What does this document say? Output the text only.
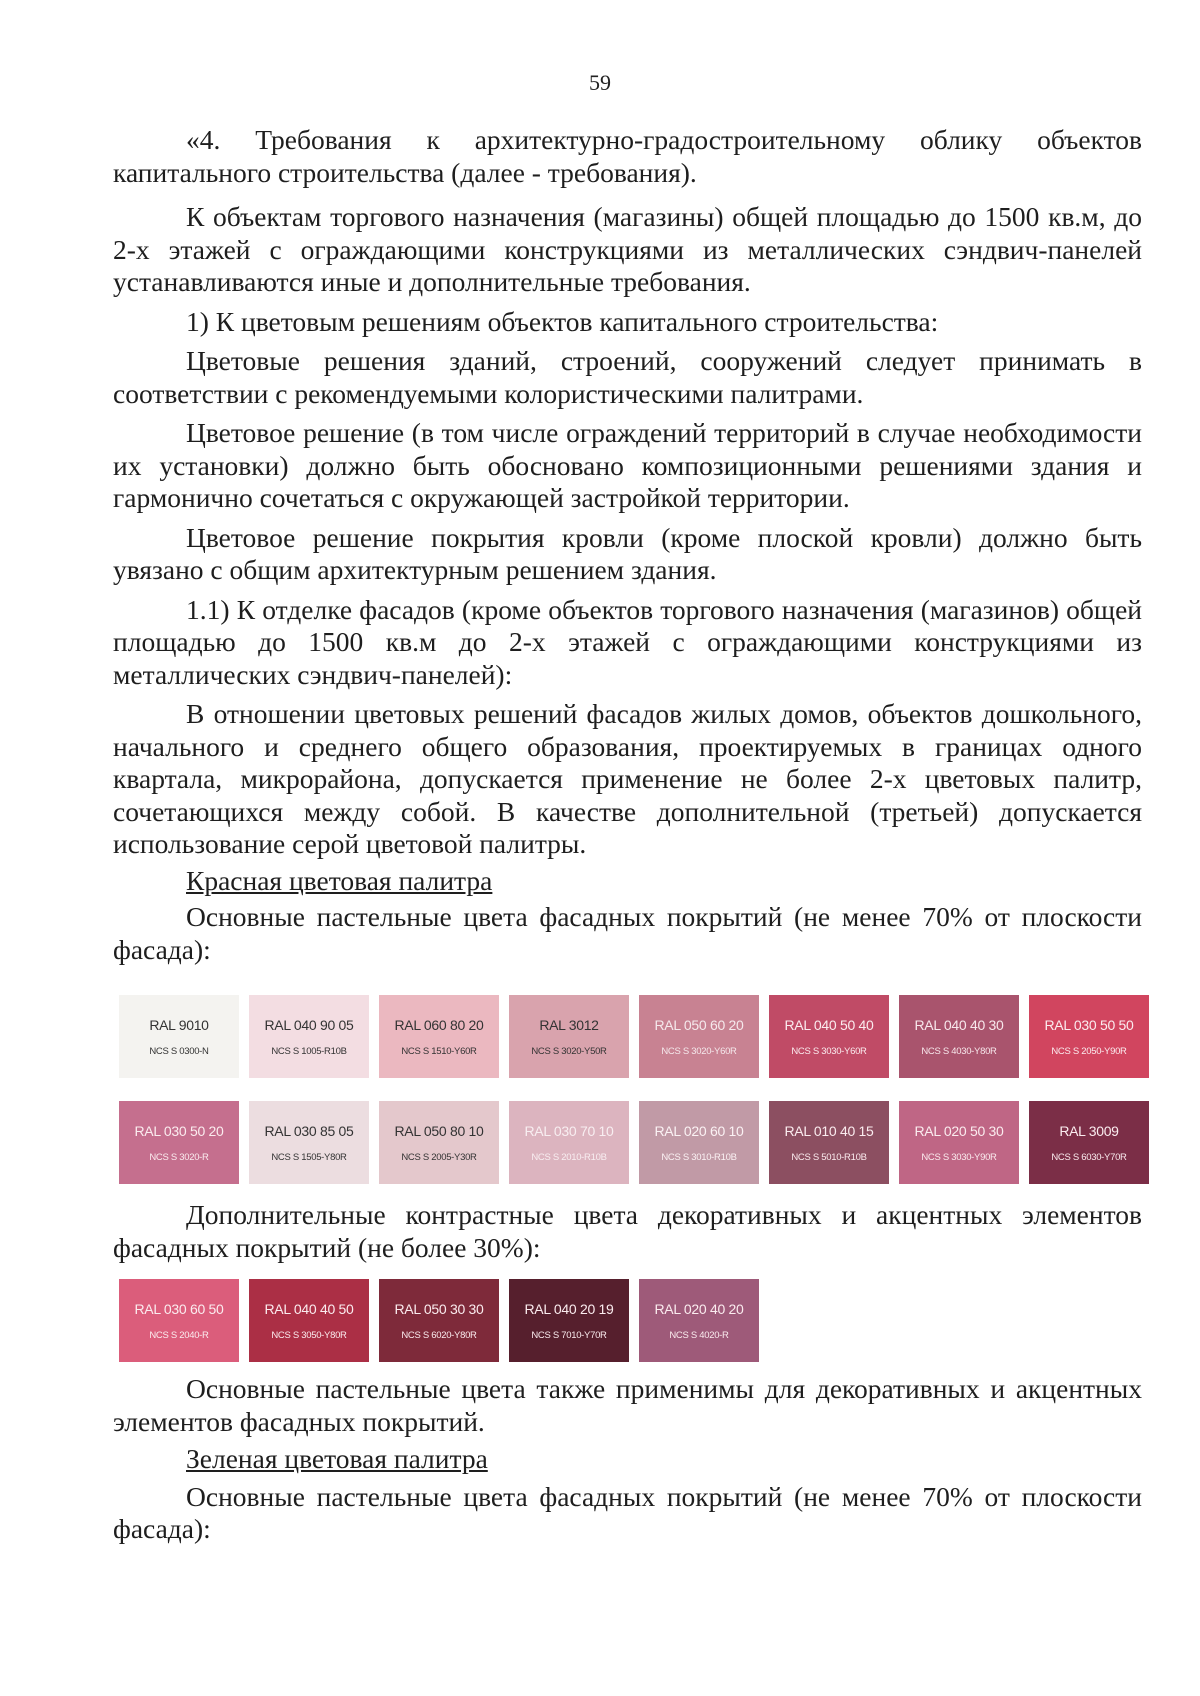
59

«4. Требования к архитектурно-градостроительному облику объектов капитального строительства (далее - требования).

К объектам торгового назначения (магазины) общей площадью до 1500 кв.м, до 2-х этажей с ограждающими конструкциями из металлических сэндвич-панелей устанавливаются иные и дополнительные требования.

1) К цветовым решениям объектов капитального строительства:

Цветовые решения зданий, строений, сооружений следует принимать в соответствии с рекомендуемыми колористическими палитрами.

Цветовое решение (в том числе ограждений территорий в случае необходимости их установки) должно быть обосновано композиционными решениями здания и гармонично сочетаться с окружающей застройкой территории.

Цветовое решение покрытия кровли (кроме плоской кровли) должно быть увязано с общим архитектурным решением здания.

1.1) К отделке фасадов (кроме объектов торгового назначения (магазинов) общей площадью до 1500 кв.м до 2-х этажей с ограждающими конструкциями из металлических сэндвич-панелей):

В отношении цветовых решений фасадов жилых домов, объектов дошкольного, начального и среднего общего образования, проектируемых в границах одного квартала, микрорайона, допускается применение не более 2-х цветовых палитр, сочетающихся между собой. В качестве дополнительной (третьей) допускается использование серой цветовой палитры.

Красная цветовая палитра

Основные пастельные цвета фасадных покрытий (не менее 70% от плоскости фасада):

RAL 9010
NCS S 0300-N
RAL 040 90 05
NCS S 1005-R10B
RAL 060 80 20
NCS S 1510-Y60R
RAL 3012
NCS S 3020-Y50R
RAL 050 60 20
NCS S 3020-Y60R
RAL 040 50 40
NCS S 3030-Y60R
RAL 040 40 30
NCS S 4030-Y80R
RAL 030 50 50
NCS S 2050-Y90R
RAL 030 50 20
NCS S 3020-R
RAL 030 85 05
NCS S 1505-Y80R
RAL 050 80 10
NCS S 2005-Y30R
RAL 030 70 10
NCS S 2010-R10B
RAL 020 60 10
NCS S 3010-R10B
RAL 010 40 15
NCS S 5010-R10B
RAL 020 50 30
NCS S 3030-Y90R
RAL 3009
NCS S 6030-Y70R

Дополнительные контрастные цвета декоративных и акцентных элементов фасадных покрытий (не более 30%):

RAL 030 60 50
NCS S 2040-R
RAL 040 40 50
NCS S 3050-Y80R
RAL 050 30 30
NCS S 6020-Y80R
RAL 040 20 19
NCS S 7010-Y70R
RAL 020 40 20
NCS S 4020-R

Основные пастельные цвета также применимы для декоративных и акцентных элементов фасадных покрытий.

Зеленая цветовая палитра

Основные пастельные цвета фасадных покрытий (не менее 70% от плоскости фасада):
